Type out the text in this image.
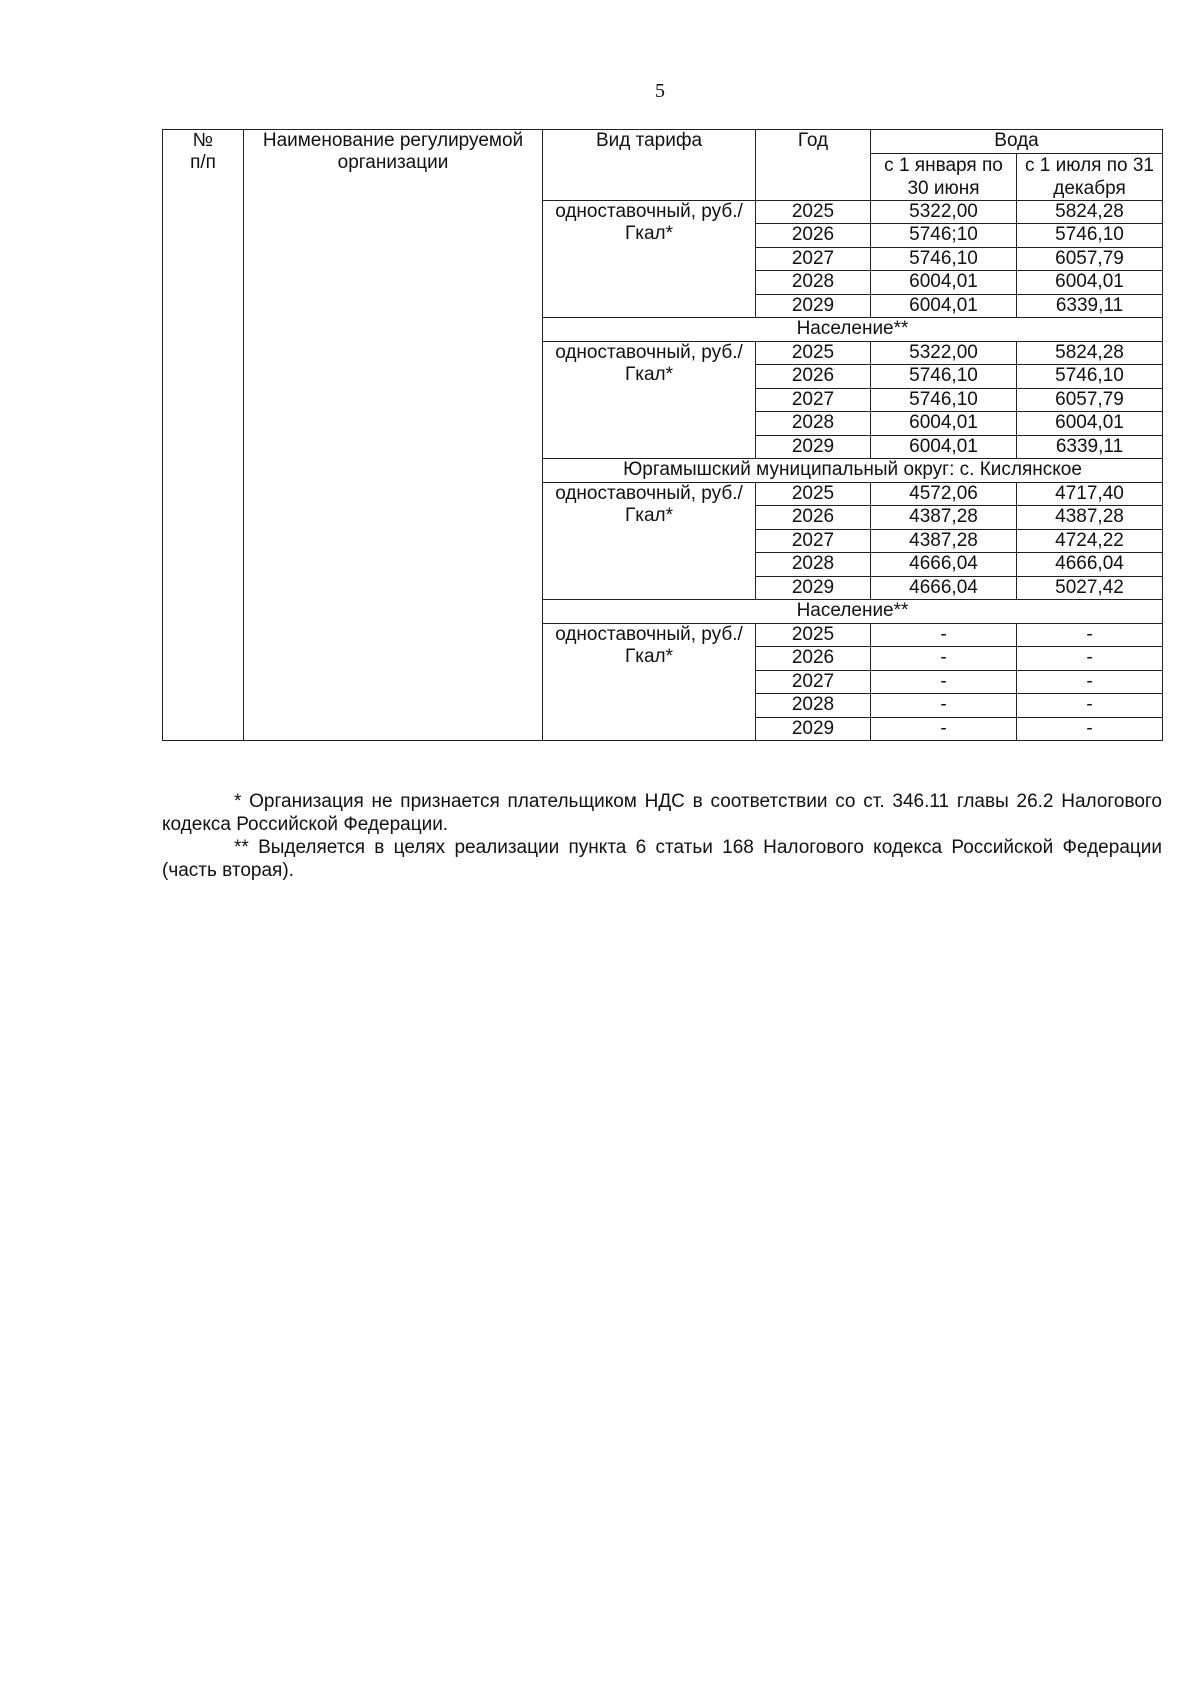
5
№
п/п	Наименование регулируемой организации	Вид тарифа	Год	Вода	
				с 1 января по 30 июня	с 1 июля по 31 декабря
		одноставочный, руб./Гкал*	2025	5322,00	5824,28
			2026	5746;10	5746,10
			2027	5746,10	6057,79
			2028	6004,01	6004,01
			2029	6004,01	6339,11
		Население**			
		одноставочный, руб./Гкал*	2025	5322,00	5824,28
			2026	5746,10	5746,10
			2027	5746,10	6057,79
			2028	6004,01	6004,01
			2029	6004,01	6339,11
		Юргамышский муниципальный округ: с. Кислянское			
		одноставочный, руб./Гкал*	2025	4572,06	4717,40
			2026	4387,28	4387,28
			2027	4387,28	4724,22
			2028	4666,04	4666,04
			2029	4666,04	5027,42
		Население**			
		одноставочный, руб./Гкал*	2025	-	-
			2026	-	-
			2027	-	-
			2028	-	-
			2029	-	-

* Организация не признается плательщиком НДС в соответствии со ст. 346.11 главы 26.2 Налогового кодекса Российской Федерации.

** Выделяется в целях реализации пункта 6 статьи 168 Налогового кодекса Российской Федерации (часть вторая).
